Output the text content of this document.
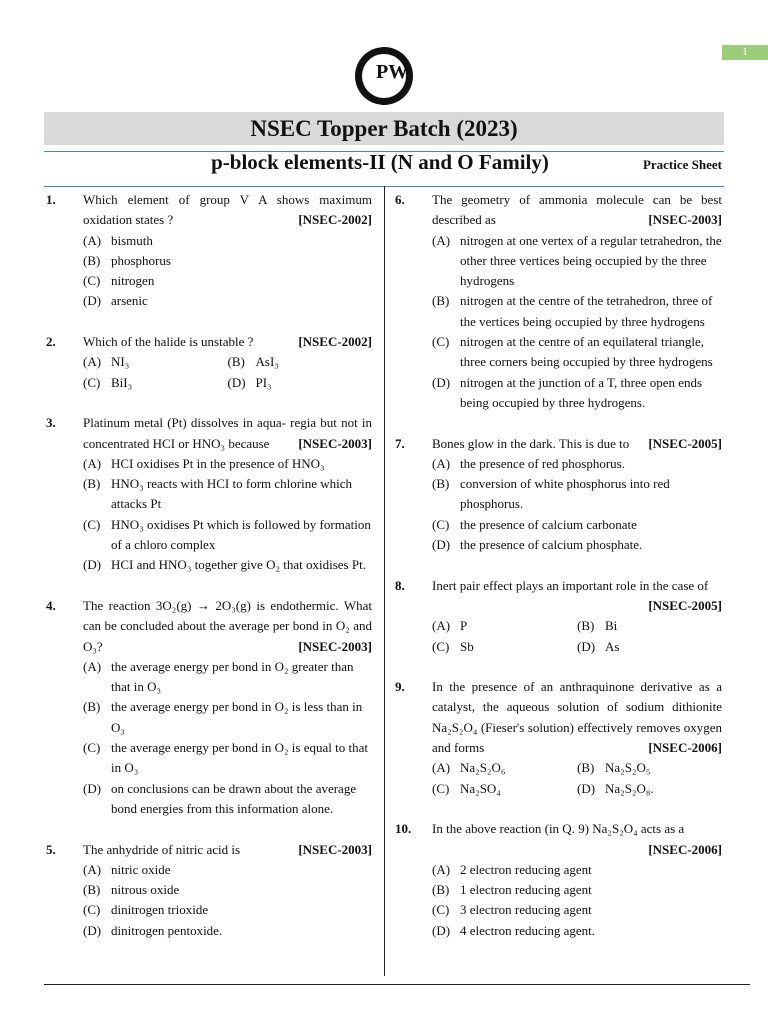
1
PW
NSEC Topper Batch (2023)
p-block elements-II (N and O Family)	Practice Sheet
1. Which element of group V A shows maximum oxidation states ?	[NSEC-2002]
(A) bismuth
(B) phosphorus
(C) nitrogen
(D) arsenic
2. Which of the halide is unstable ?	[NSEC-2002]
(A) NI₃	(B) AsI₃
(C) BiI₃	(D) PI₃
3. Platinum metal (Pt) dissolves in aqua- regia but not in concentrated HCI or HNO₃ because [NSEC-2003]
(A) HCI oxidises Pt in the presence of HNO₃
(B) HNO₃ reacts with HCI to form chlorine which attacks Pt
(C) HNO₃ oxidises Pt which is followed by formation of a chloro complex
(D) HCI and HNO₃ together give O₂ that oxidises Pt.
4. The reaction 3O₂(g) → 2O₃(g) is endothermic. What can be concluded about the average per bond in O₂ and O₃?	[NSEC-2003]
(A) the average energy per bond in O₂ greater than that in O₃
(B) the average energy per bond in O₂ is less than in O₃
(C) the average energy per bond in O₂ is equal to that in O₃
(D) on conclusions can be drawn about the average bond energies from this information alone.
5. The anhydride of nitric acid is	[NSEC-2003]
(A) nitric oxide
(B) nitrous oxide
(C) dinitrogen trioxide
(D) dinitrogen pentoxide.
6. The geometry of ammonia molecule can be best described as	[NSEC-2003]
(A) nitrogen at one vertex of a regular tetrahedron, the other three vertices being occupied by the three hydrogens
(B) nitrogen at the centre of the tetrahedron, three of the vertices being occupied by three hydrogens
(C) nitrogen at the centre of an equilateral triangle, three corners being occupied by three hydrogens
(D) nitrogen at the junction of a T, three open ends being occupied by three hydrogens.
7. Bones glow in the dark. This is due to [NSEC-2005]
(A) the presence of red phosphorus.
(B) conversion of white phosphorus into red phosphorus.
(C) the presence of calcium carbonate
(D) the presence of calcium phosphate.
8. Inert pair effect plays an important role in the case of
[NSEC-2005]
(A) P	(B) Bi
(C) Sb	(D) As
9. In the presence of an anthraquinone derivative as a catalyst, the aqueous solution of sodium dithionite Na₂S₂O₄ (Fieser's solution) effectively removes oxygen and forms	[NSEC-2006]
(A) Na₂S₂O₆	(B) Na₂S₂O₅
(C) Na₂SO₄	(D) Na₂S₂O₈.
10. In the above reaction (in Q. 9) Na₂S₂O₄ acts as a
[NSEC-2006]
(A) 2 electron reducing agent
(B) 1 electron reducing agent
(C) 3 electron reducing agent
(D) 4 electron reducing agent.
